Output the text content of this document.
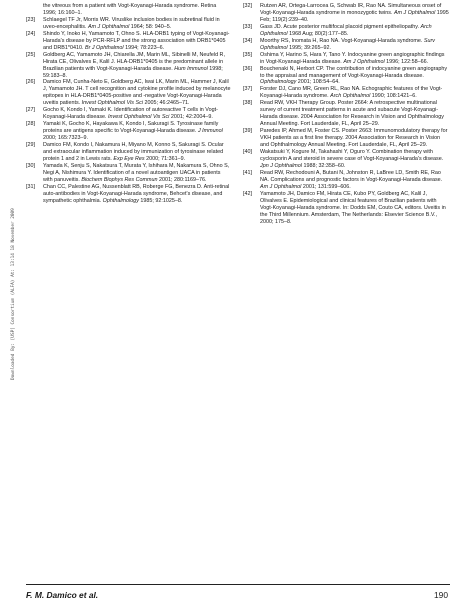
Downloaded By: [USP] Consortium (ALFA) At: 13:14 18 November 2009
the vitreous from a patient with Vogt-Koyanagi-Harada syndrome. Retina 1996; 16:160–1.
[23]	Schlaegel TF Jr, Morris WR. Viruslike inclusion bodies in subretinal fluid in uveo-encephalitis. Am J Ophthalmol 1964; 58: 940–5.
[24]	Shindo Y, Inoko H, Yamamoto T, Ohno S. HLA-DRB1 typing of Vogt-Koyanagi-Harada's disease by PCR-RFLP and the strong association with DRB1*0405 and DRB1*0410. Br J Ophthalmol 1994; 78:223–6.
[25]	Goldberg AC, Yamamoto JH, Chiarella JM, Marin ML, Sibinelli M, Neufeld R, Hirata CE, Olivalves E, Kalil J. HLA-DRB1*0405 is the predominant allele in Brazilian patients with Vogt-Koyanagi-Harada disease. Hum Immunol 1998; 59:183–8.
[26]	Damico FM, Cunha-Neto E, Goldberg AC, Iwai LK, Marin ML, Hammer J, Kalil J, Yamamoto JH. T cell recognition and cytokine profile induced by melanocyte epitopes in HLA-DRB1*0405-positive and -negative Vogt-Koyanagi-Harada uveitis patients. Invest Ophthalmol Vis Sci 2005; 46:2465–71.
[27]	Gocho K, Kondo I, Yamaki K. Identification of autoreactive T cells in Vogt-Koyanagi-Harada disease. Invest Ophthalmol Vis Sci 2001; 42:2004–9.
[28]	Yamaki K, Gocho K, Hayakawa K, Kondo I, Sakuragi S. Tyrosinase family proteins are antigens specific to Vogt-Koyanagi-Harada disease. J Immunol 2000; 165:7323–9.
[29]	Damico FM, Kondo I, Nakamura H, Miyano M, Konno S, Sakuragi S. Ocular and extraocular inflammation induced by immunization of tyrosinase related protein 1 and 2 in Lewis rats. Exp Eye Res 2000; 71:361–9.
[30]	Yamada K, Senju S, Nakatsura T, Murata Y, Ishihara M, Nakamura S, Ohno S, Negi A, Nishimura Y. Identification of a novel autoantigen UACA in patients with panuveitis. Biochem Biophys Res Commun 2001; 280:1169–76.
[31]	Chan CC, Palestine AG, Nussenblatt RB, Roberge FG, Benezra D. Anti-retinal auto-antibodies in Vogt-Koyanagi-Harada syndrome, Behcet's disease, and sympathetic ophthalmia. Ophthalmology 1985; 92:1025–8.
[32]	Rutzen AR, Ortega-Larrocea G, Schwab IR, Rao NA. Simultaneous onset of Vogt-Koyanagi-Harada syndrome in monozygotic twins. Am J Ophthalmol 1995 Feb; 119(2):239–40.
[33]	Gass JD. Acute posterior multifocal placoid pigment epitheliopathy. Arch Ophthalmol 1968 Aug; 80(2):177–85.
[34]	Moorthy RS, Inomata H, Rao NA. Vogt-Koyanagi-Harada syndrome. Surv Ophthalmol 1995; 39:265–92.
[35]	Oshima Y, Harino S, Hara Y, Tano Y. Indocyanine green angiographic findings in Vogt-Koyanagi-Harada disease. Am J Ophthalmol 1996; 122:58–66.
[36]	Bouchenaki N, Herbort CP. The contribution of indocyanine green angiography to the appraisal and management of Vogt-Koyanagi-Harada disease. Ophthalmology 2001; 108:54–64.
[37]	Forster DJ, Cano MR, Green RL, Rao NA. Echographic features of the Vogt-Koyanagi-Harada syndrome. Arch Ophthalmol 1990; 108:1421–6.
[38]	Read RW, VKH Therapy Group. Poster 2664: A retrospective multinational survey of current treatment patterns in acute and subacute Vogt-Koyanagi-Harada disease. 2004 Association for Research in Vision and Ophthalmology Annual Meeting. Fort Lauderdale, FL, April 25–29.
[39]	Paredes IP, Ahmed M, Foster CS. Poster 2663: Immunomodulatory therapy for VKH patients as a first line therapy. 2004 Association for Research in Vision and Ophthalmology Annual Meeting. Fort Lauderdale, FL, April 25–29.
[40]	Wakatsuki Y, Kogure M, Takahashi Y, Oguro Y. Combination therapy with cyclosporin A and steroid in severe case of Vogt-Koyanagi-Harada's disease. Jpn J Ophthalmol 1988; 32:358–60.
[41]	Read RW, Rechodouni A, Butani N, Johnston R, LaBree LD, Smith RE, Rao NA. Complications and prognostic factors in Vogt-Koyanagi-Harada disease. Am J Ophthalmol 2001; 131:599–606.
[42]	Yamamoto JH, Damico FM, Hirata CE, Kubo PY, Goldberg AC, Kalil J, Olivalves E. Epidemiological and clinical features of Brazilian patients with Vogt-Koyanagi-Harada syndrome. In: Dodds EM, Couto CA, editors. Uveitis in the Third Millennium. Amsterdam, The Netherlands: Elsevier Science B.V., 2000; 175–8.
F. M. Damico et al.	190
